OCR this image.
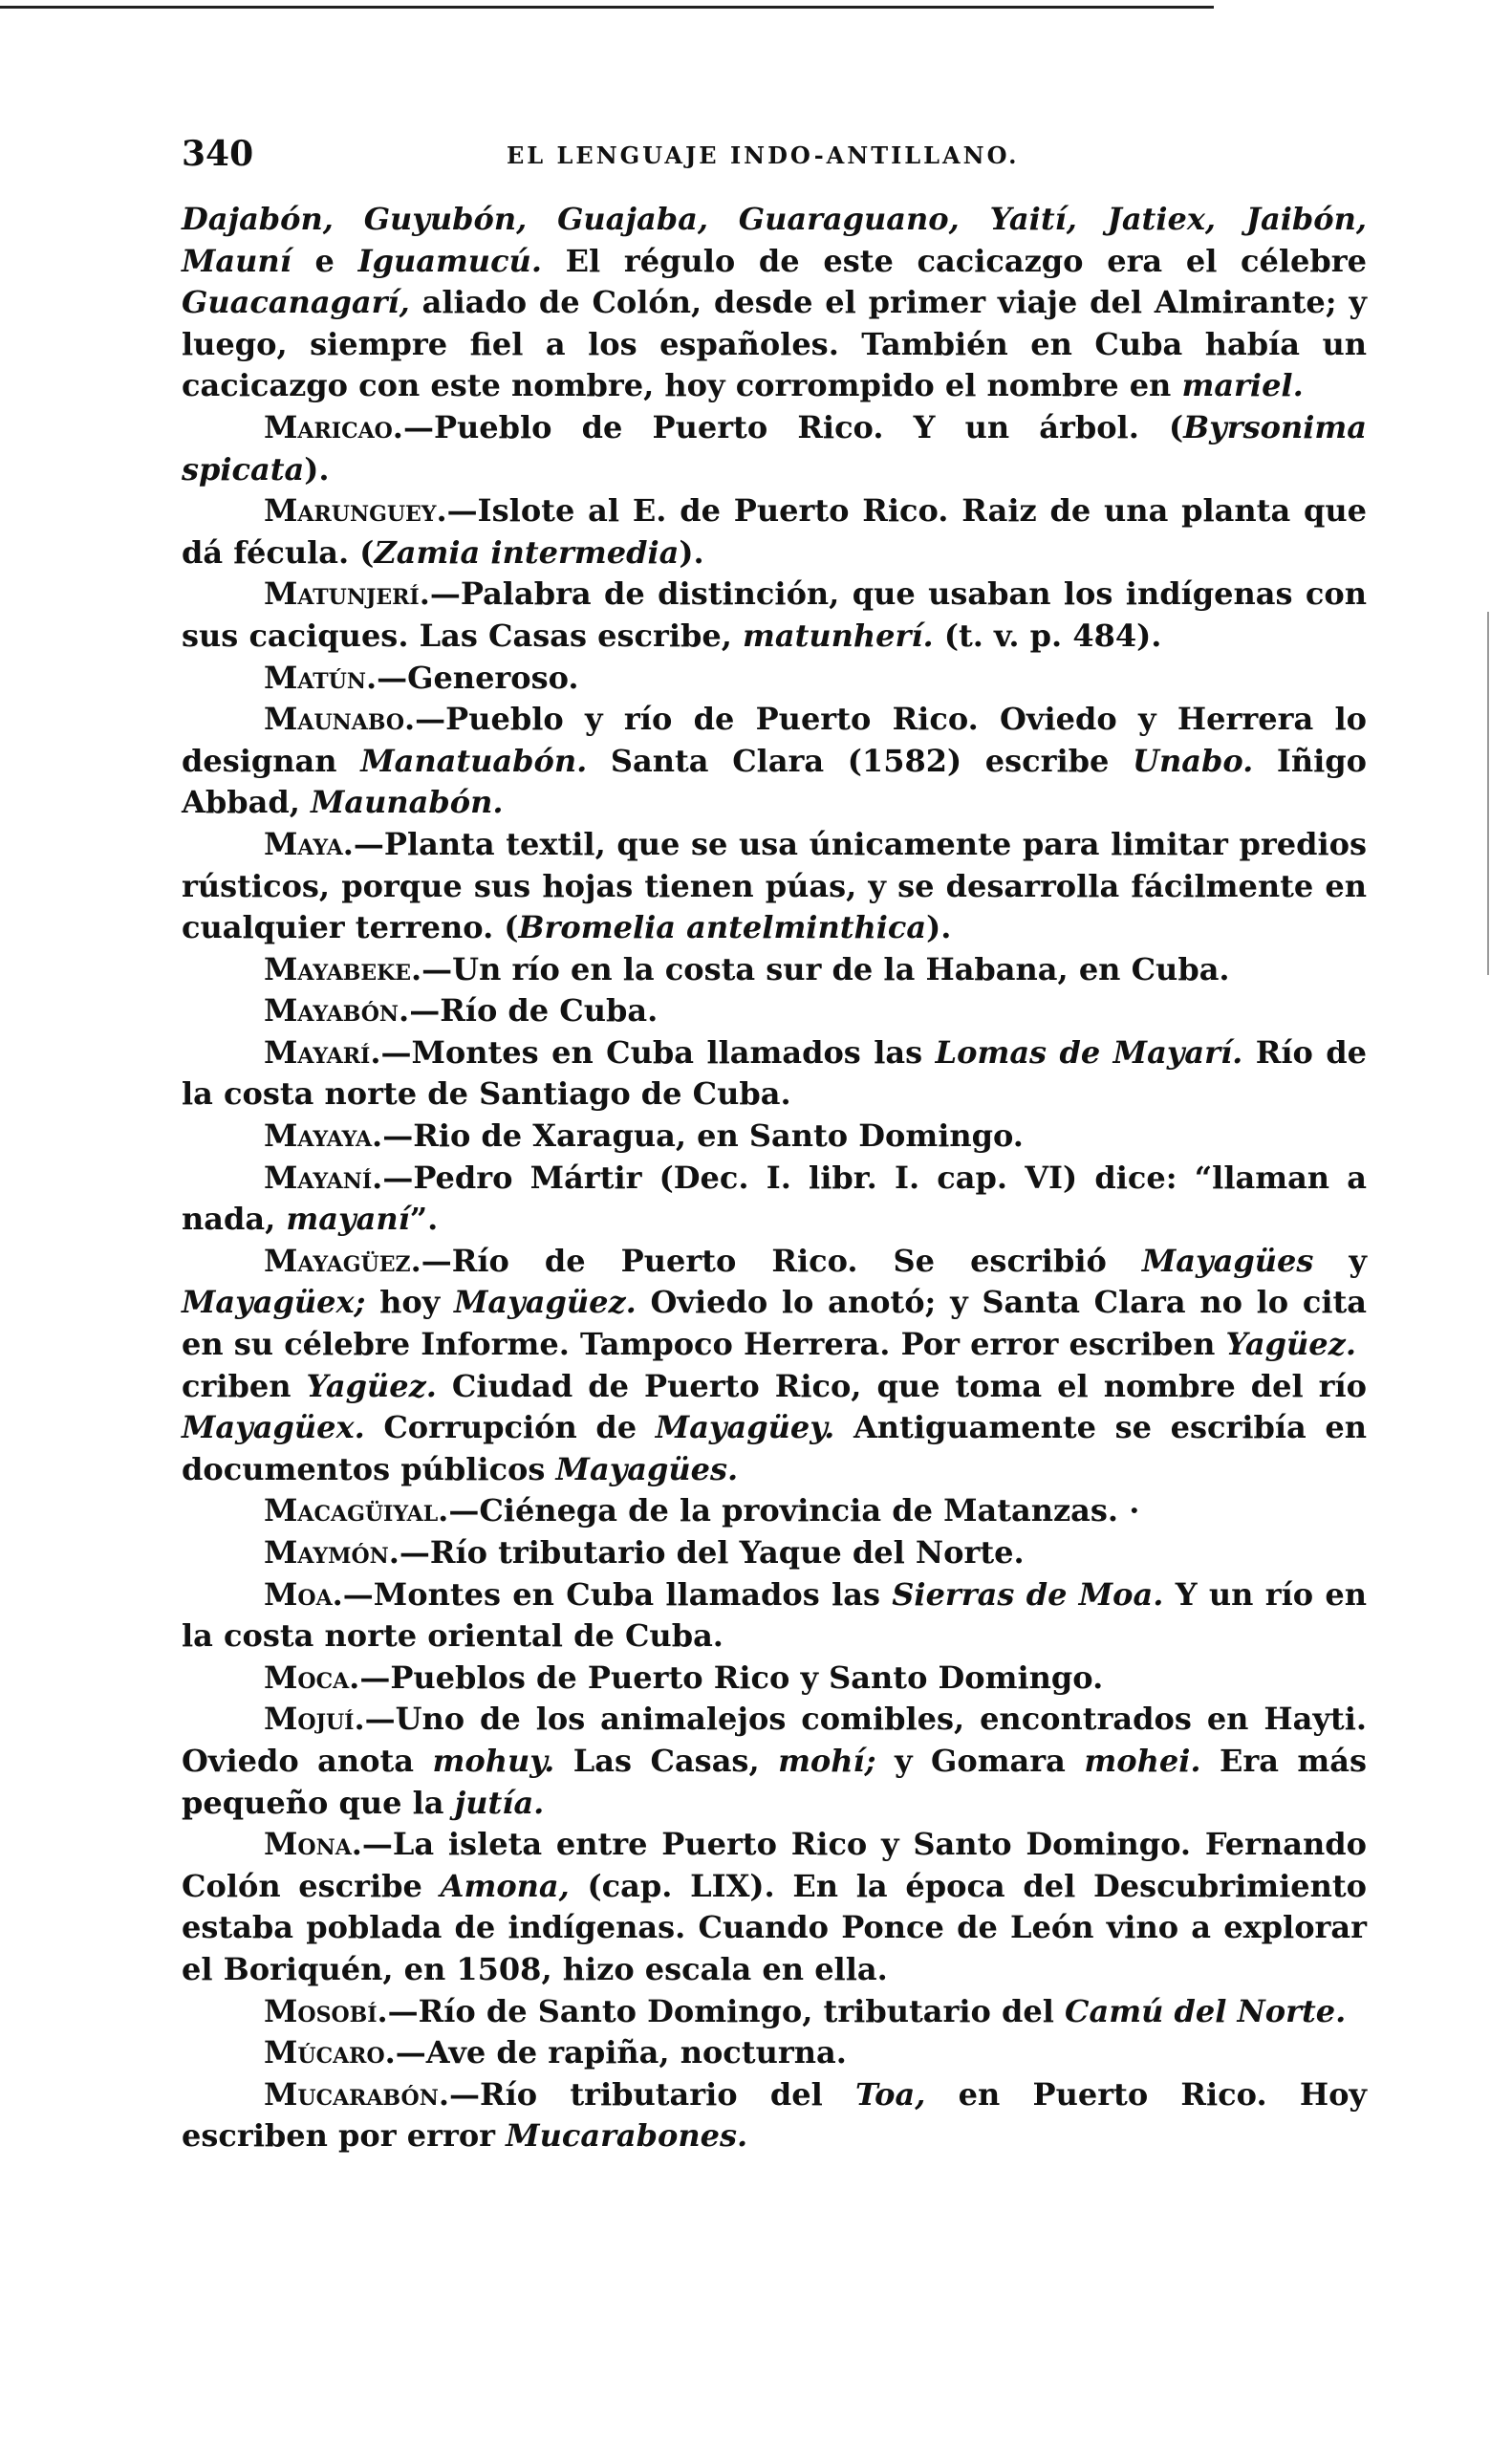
340	EL LENGUAJE INDO-ANTILLANO.

Dajabón, Guyubón, Guajaba, Guaraguano, Yaití, Jatiex, Jaibón, Mauní e Iguamucú. El régulo de este cacicazgo era el célebre Guacanagarí, aliado de Colón, desde el primer viaje del Almirante; y luego, siempre fiel a los españoles. También en Cuba había un cacicazgo con este nombre, hoy corrompido el nombre en mariel.

Maricao.—Pueblo de Puerto Rico. Y un árbol. (Byrsonima spicata).

Marunguey.—Islote al E. de Puerto Rico. Raiz de una planta que dá fécula. (Zamia intermedia).

Matunjerí.—Palabra de distinción, que usaban los indígenas con sus caciques. Las Casas escribe, matunherí. (t. v. p. 484).

Matún.—Generoso.

Maunabo.—Pueblo y río de Puerto Rico. Oviedo y Herrera lo designan Manatuabón. Santa Clara (1582) escribe Unabo. Iñigo Abbad, Maunabón.

Maya.—Planta textil, que se usa únicamente para limitar predios rústicos, porque sus hojas tienen púas, y se desarrolla fácilmente en cualquier terreno. (Bromelia antelminthica).

Mayabeke.—Un río en la costa sur de la Habana, en Cuba.

Mayabón.—Río de Cuba.

Mayarí.—Montes en Cuba llamados las Lomas de Mayarí. Río de la costa norte de Santiago de Cuba.

Mayaya.—Rio de Xaragua, en Santo Domingo.

Mayaní.—Pedro Mártir (Dec. I. libr. I. cap. VI) dice: “llaman a nada, mayaní”.

Mayagüez.—Río de Puerto Rico. Se escribió Mayagües y Mayagüex; hoy Mayagüez. Oviedo lo anotó; y Santa Clara no lo cita en su célebre Informe. Tampoco Herrera. Por error escriben Yagüez.

criben Yagüez. Ciudad de Puerto Rico, que toma el nombre del río Mayagüex. Corrupción de Mayagüey. Antiguamente se escribía en documentos públicos Mayagües.

Macagüiyal.—Ciénega de la provincia de Matanzas. ·

Maymón.—Río tributario del Yaque del Norte.

Moa.—Montes en Cuba llamados las Sierras de Moa. Y un río en la costa norte oriental de Cuba.

Moca.—Pueblos de Puerto Rico y Santo Domingo.

Mojuí.—Uno de los animalejos comibles, encontrados en Hayti. Oviedo anota mohuy. Las Casas, mohí; y Gomara mohei. Era más pequeño que la jutía.

Mona.—La isleta entre Puerto Rico y Santo Domingo. Fernando Colón escribe Amona, (cap. LIX). En la época del Descubrimiento estaba poblada de indígenas. Cuando Ponce de León vino a explorar el Boriquén, en 1508, hizo escala en ella.

Mosobí.—Río de Santo Domingo, tributario del Camú del Norte.

Múcaro.—Ave de rapiña, nocturna.

Mucarabón.—Río tributario del Toa, en Puerto Rico. Hoy escriben por error Mucarabones.
